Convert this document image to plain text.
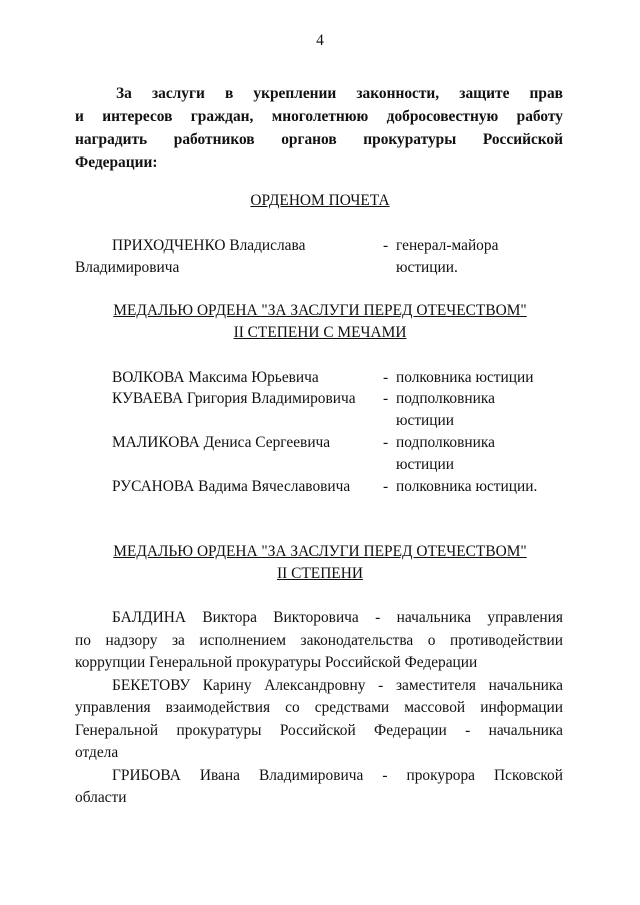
4
За заслуги в укреплении законности, защите прав
и интересов граждан, многолетнюю добросовестную работу
наградить работников органов прокуратуры Российской
Федерации:
ОРДЕНОМ ПОЧЕТА
ПРИХОДЧЕНКО Владислава
Владимировича
- генерал-майора
юстиции.
МЕДАЛЬЮ ОРДЕНА "ЗА ЗАСЛУГИ ПЕРЕД ОТЕЧЕСТВОМ"
II СТЕПЕНИ С МЕЧАМИ
ВОЛКОВА Максима Юрьевича	- полковника юстиции
КУВАЕВА Григория Владимировича - подполковника
юстиции
МАЛИКОВА Дениса Сергеевича	- подполковника
юстиции
РУСАНОВА Вадима Вячеславовича - полковника юстиции.
МЕДАЛЬЮ ОРДЕНА "ЗА ЗАСЛУГИ ПЕРЕД ОТЕЧЕСТВОМ"
II СТЕПЕНИ
БАЛДИНА Виктора Викторовича - начальника управления
по надзору за исполнением законодательства о противодействии
коррупции Генеральной прокуратуры Российской Федерации
БЕКЕТОВУ Карину Александровну - заместителя начальника
управления взаимодействия со средствами массовой информации
Генеральной прокуратуры Российской Федерации - начальника
отдела
ГРИБОВА Ивана Владимировича - прокурора Псковской
области
